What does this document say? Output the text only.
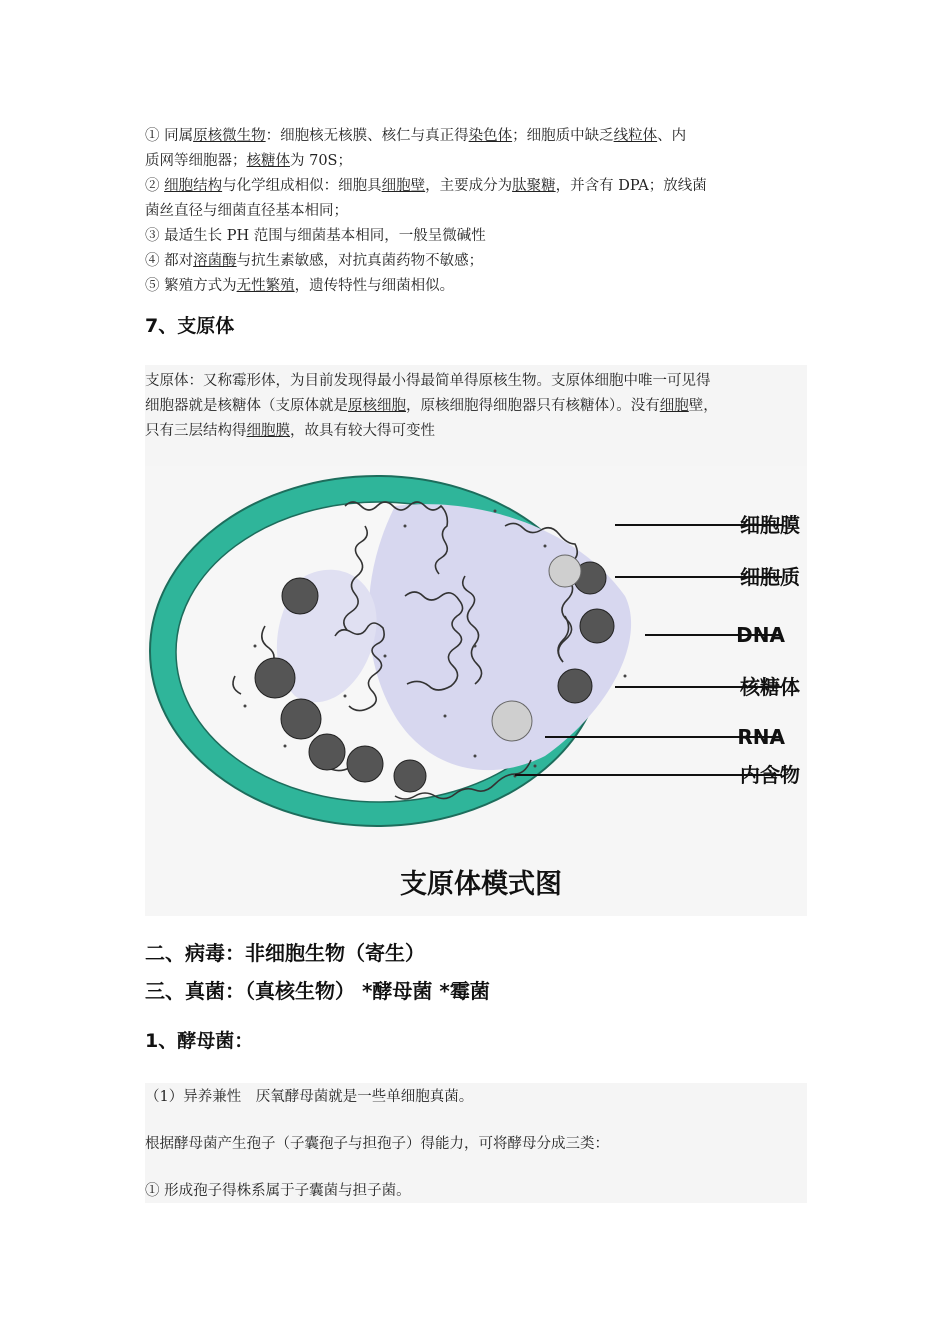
① 同属原核微生物：细胞核无核膜、核仁与真正得染色体；细胞质中缺乏线粒体、内
质网等细胞器；核糖体为 70S；
② 细胞结构与化学组成相似：细胞具细胞壁，主要成分为肽聚糖，并含有 DPA；放线菌
菌丝直径与细菌直径基本相同；
③ 最适生长 PH 范围与细菌基本相同，一般呈微碱性
④ 都对溶菌酶与抗生素敏感，对抗真菌药物不敏感；
⑤ 繁殖方式为无性繁殖，遗传特性与细菌相似。
7、支原体
支原体：又称霉形体，为目前发现得最小得最简单得原核生物。支原体细胞中唯一可见得
细胞器就是核糖体（支原体就是原核细胞，原核细胞得细胞器只有核糖体）。没有细胞壁，
只有三层结构得细胞膜，故具有较大得可变性
二、病毒：非细胞生物（寄生）
三、真菌：（真核生物） *酵母菌 *霉菌
1、酵母菌：
（1）异养兼性　厌氧酵母菌就是一些单细胞真菌。
根据酵母菌产生孢子（子囊孢子与担孢子）得能力，可将酵母分成三类：
① 形成孢子得株系属于子囊菌与担子菌。
细胞膜
细胞质
DNA
核糖体
RNA
内含物
支原体模式图
